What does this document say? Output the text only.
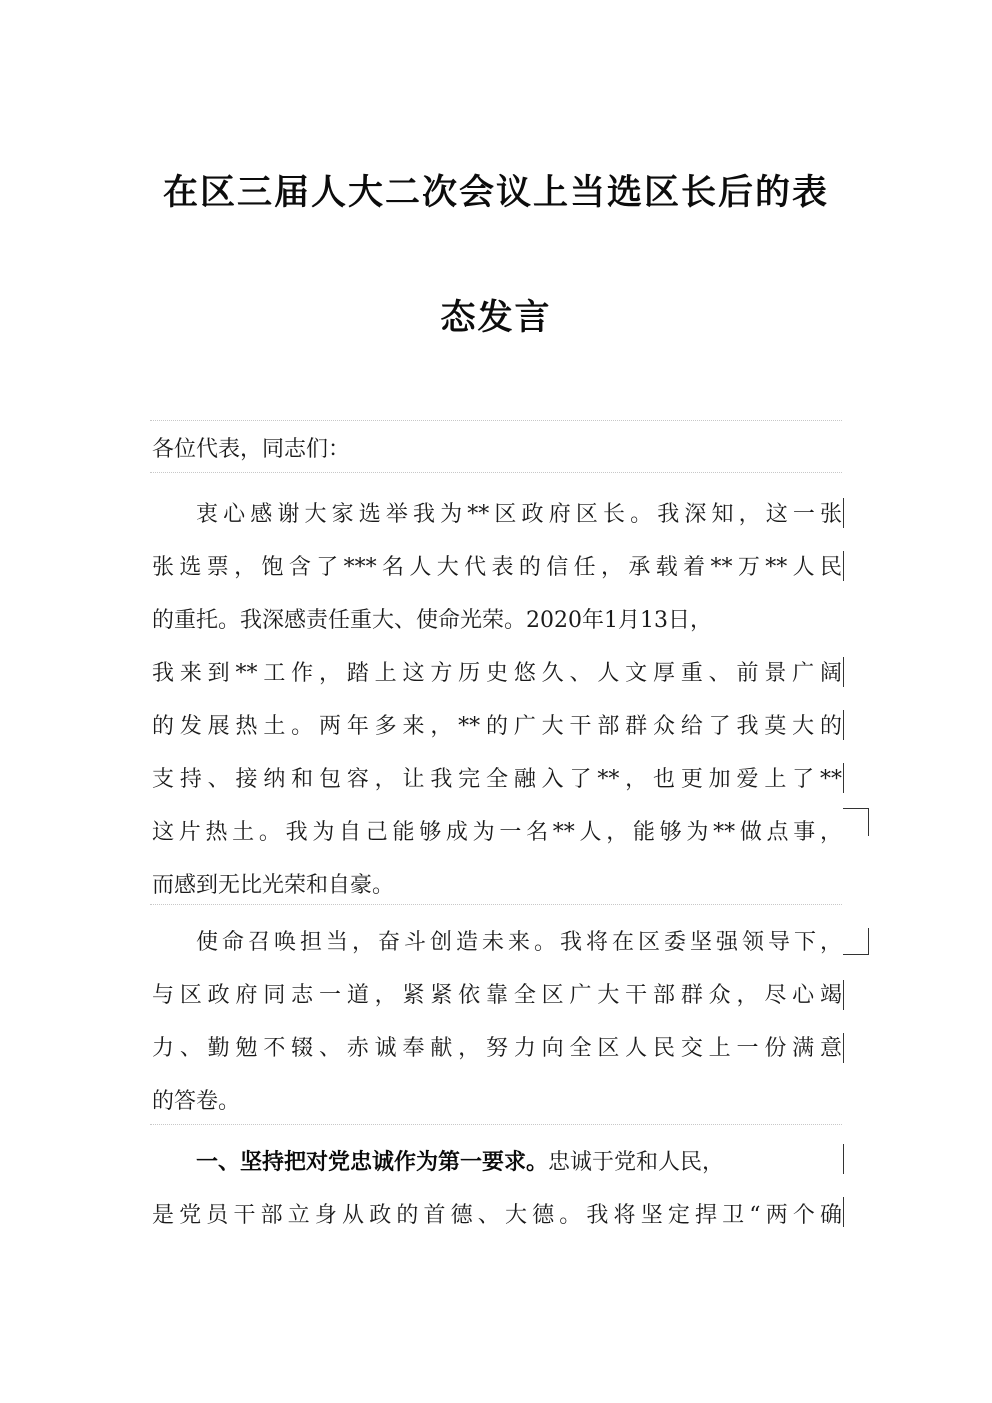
在区三届人大二次会议上当选区长后的表
态发言
各位代表，同志们：
衷心感谢大家选举我为**区政府区长。我深知，这一张
张选票，饱含了***名人大代表的信任，承载着**万**人民
的重托。我深感责任重大、使命光荣。2020年1月13日，
我来到**工作，踏上这方历史悠久、人文厚重、前景广阔
的发展热土。两年多来，**的广大干部群众给了我莫大的
支持、接纳和包容，让我完全融入了**，也更加爱上了**
这片热土。我为自己能够成为一名**人，能够为**做点事，
而感到无比光荣和自豪。
使命召唤担当，奋斗创造未来。我将在区委坚强领导下，
与区政府同志一道，紧紧依靠全区广大干部群众，尽心竭
力、勤勉不辍、赤诚奉献，努力向全区人民交上一份满意
的答卷。
一、坚持把对党忠诚作为第一要求。忠诚于党和人民，
是党员干部立身从政的首德、大德。我将坚定捍卫“两个确
